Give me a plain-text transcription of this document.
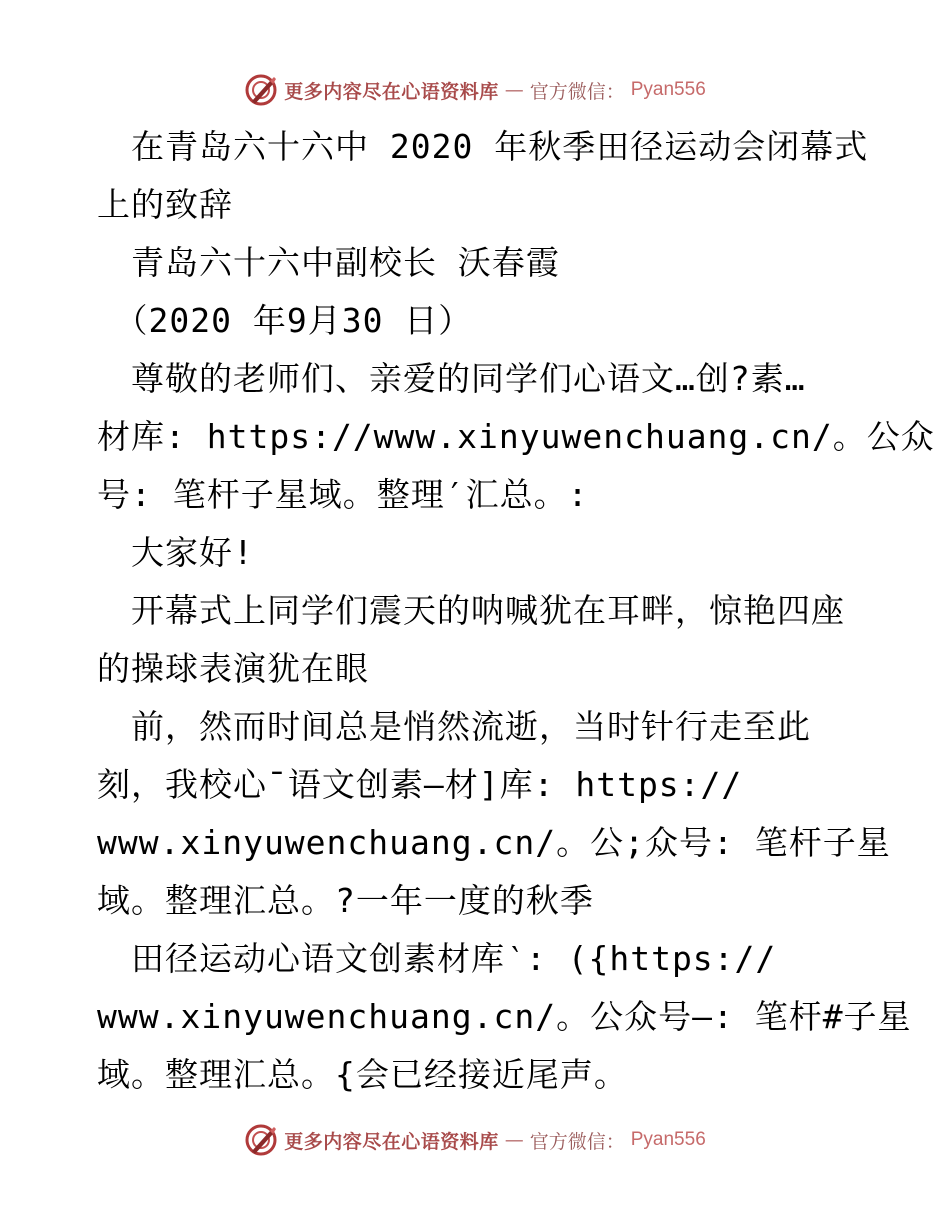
更多内容尽在心语资料库 — 官方微信： Pyan556

　在青岛六十六中 2020 年秋季田径运动会闭幕式

上的致辞

　青岛六十六中副校长 沃春霞

　（2020 年9月30 日）

　尊敬的老师们、亲爱的同学们心语文…创?素…

材库: https://www.xinyuwenchuang.cn/。公众

号: 笔杆子星域。整理′汇总。:

　大家好!

　开幕式上同学们震天的呐喊犹在耳畔，惊艳四座

的操球表演犹在眼

　前，然而时间总是悄然流逝，当时针行走至此

刻，我校心¯语文创素—材]库: https://

www.xinyuwenchuang.cn/。公;众号: 笔杆子星

域。整理汇总。?一年一度的秋季

　田径运动心语文创素材库‵: ({https://

www.xinyuwenchuang.cn/。公众号—: 笔杆#子星

域。整理汇总。{会已经接近尾声。

更多内容尽在心语资料库 — 官方微信： Pyan556
